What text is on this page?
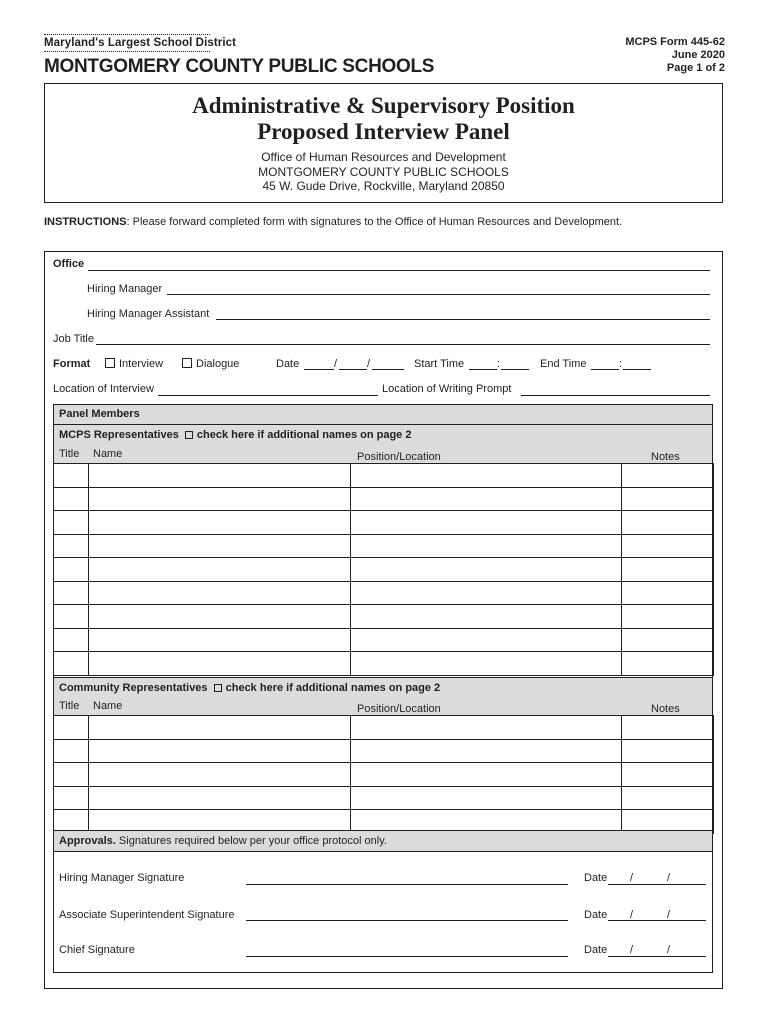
Maryland's Largest School District
MONTGOMERY COUNTY PUBLIC SCHOOLS
MCPS Form 445-62
June 2020
Page 1 of 2
Administrative & Supervisory Position
Proposed Interview Panel
Office of Human Resources and Development
MONTGOMERY COUNTY PUBLIC SCHOOLS
45 W. Gude Drive, Rockville, Maryland 20850
INSTRUCTIONS: Please forward completed form with signatures to the Office of Human Resources and Development.
Office
Hiring Manager
Hiring Manager Assistant
Job Title
Format	Interview	Dialogue	Date	/	/	Start Time	:	End Time	:
Location of Interview	Location of Writing Prompt
Panel Members
MCPS Representatives check here if additional names on page 2
Title Name	Position/Location	Notes

Community Representatives check here if additional names on page 2
Title Name	Position/Location	Notes

Approvals. Signatures required below per your office protocol only.
Hiring Manager Signature	Date
Associate Superintendent Signature	Date
Chief Signature	Date
/	/
/	/
/	/
